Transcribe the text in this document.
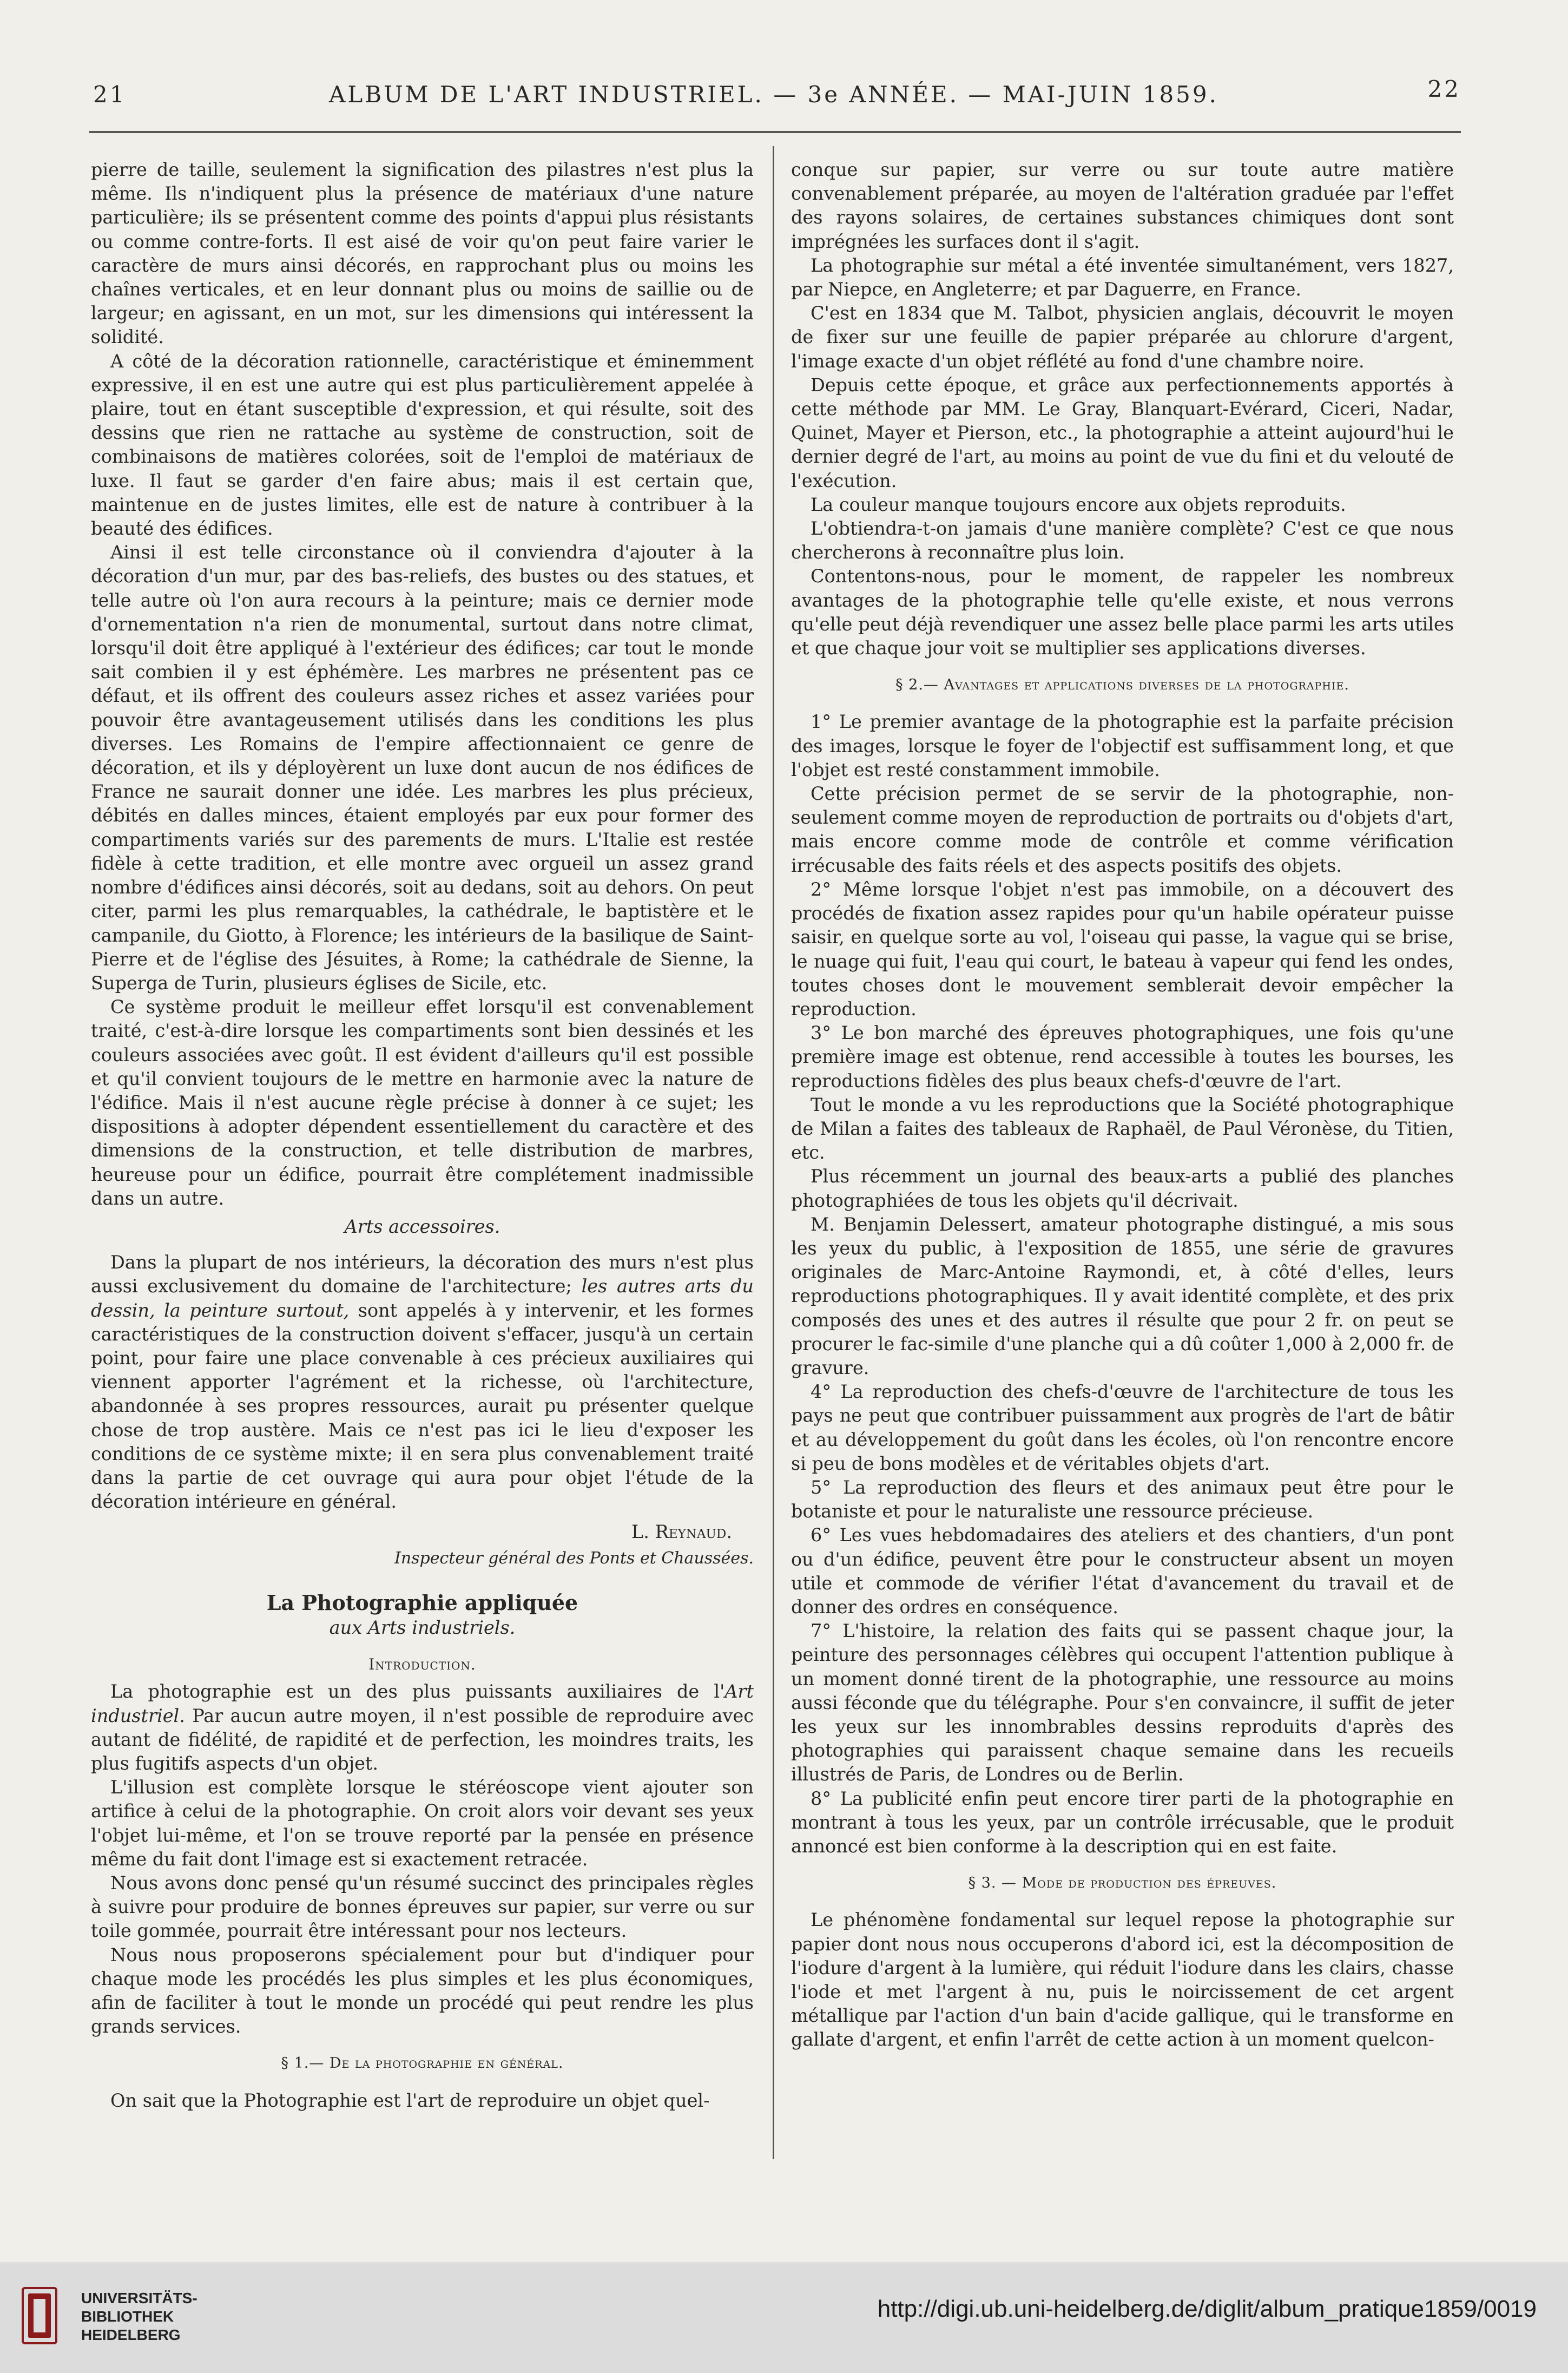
21	ALBUM DE L'ART INDUSTRIEL. — 3e ANNÉE. — MAI-JUIN 1859.	22

pierre de taille, seulement la signification des pilastres n'est plus la même. Ils n'indiquent plus la présence de matériaux d'une nature particulière; ils se présentent comme des points d'appui plus résistants ou comme contre-forts. Il est aisé de voir qu'on peut faire varier le caractère de murs ainsi décorés, en rapprochant plus ou moins les chaînes verticales, et en leur donnant plus ou moins de saillie ou de largeur; en agissant, en un mot, sur les dimensions qui intéressent la solidité.

A côté de la décoration rationnelle, caractéristique et éminemment expressive, il en est une autre qui est plus particulièrement appelée à plaire, tout en étant susceptible d'expression, et qui résulte, soit des dessins que rien ne rattache au système de construction, soit de combinaisons de matières colorées, soit de l'emploi de matériaux de luxe. Il faut se garder d'en faire abus; mais il est certain que, maintenue en de justes limites, elle est de nature à contribuer à la beauté des édifices.

Ainsi il est telle circonstance où il conviendra d'ajouter à la décoration d'un mur, par des bas-reliefs, des bustes ou des statues, et telle autre où l'on aura recours à la peinture; mais ce dernier mode d'ornementation n'a rien de monumental, surtout dans notre climat, lorsqu'il doit être appliqué à l'extérieur des édifices; car tout le monde sait combien il y est éphémère. Les marbres ne présentent pas ce défaut, et ils offrent des couleurs assez riches et assez variées pour pouvoir être avantageusement utilisés dans les conditions les plus diverses. Les Romains de l'empire affectionnaient ce genre de décoration, et ils y déployèrent un luxe dont aucun de nos édifices de France ne saurait donner une idée. Les marbres les plus précieux, débités en dalles minces, étaient employés par eux pour former des compartiments variés sur des parements de murs. L'Italie est restée fidèle à cette tradition, et elle montre avec orgueil un assez grand nombre d'édifices ainsi décorés, soit au dedans, soit au dehors. On peut citer, parmi les plus remarquables, la cathédrale, le baptistère et le campanile, du Giotto, à Florence; les intérieurs de la basilique de Saint-Pierre et de l'église des Jésuites, à Rome; la cathédrale de Sienne, la Superga de Turin, plusieurs églises de Sicile, etc.

Ce système produit le meilleur effet lorsqu'il est convenablement traité, c'est-à-dire lorsque les compartiments sont bien dessinés et les couleurs associées avec goût. Il est évident d'ailleurs qu'il est possible et qu'il convient toujours de le mettre en harmonie avec la nature de l'édifice. Mais il n'est aucune règle précise à donner à ce sujet; les dispositions à adopter dépendent essentiellement du caractère et des dimensions de la construction, et telle distribution de marbres, heureuse pour un édifice, pourrait être complétement inadmissible dans un autre.

Arts accessoires.

Dans la plupart de nos intérieurs, la décoration des murs n'est plus aussi exclusivement du domaine de l'architecture; les autres arts du dessin, la peinture surtout, sont appelés à y intervenir, et les formes caractéristiques de la construction doivent s'effacer, jusqu'à un certain point, pour faire une place convenable à ces précieux auxiliaires qui viennent apporter l'agrément et la richesse, où l'architecture, abandonnée à ses propres ressources, aurait pu présenter quelque chose de trop austère. Mais ce n'est pas ici le lieu d'exposer les conditions de ce système mixte; il en sera plus convenablement traité dans la partie de cet ouvrage qui aura pour objet l'étude de la décoration intérieure en général.

L. Reynaud.

Inspecteur général des Ponts et Chaussées.

La Photographie appliquée

aux Arts industriels.

Introduction.

La photographie est un des plus puissants auxiliaires de l'Art industriel. Par aucun autre moyen, il n'est possible de reproduire avec autant de fidélité, de rapidité et de perfection, les moindres traits, les plus fugitifs aspects d'un objet.

L'illusion est complète lorsque le stéréoscope vient ajouter son artifice à celui de la photographie. On croit alors voir devant ses yeux l'objet lui-même, et l'on se trouve reporté par la pensée en présence même du fait dont l'image est si exactement retracée.

Nous avons donc pensé qu'un résumé succinct des principales règles à suivre pour produire de bonnes épreuves sur papier, sur verre ou sur toile gommée, pourrait être intéressant pour nos lecteurs.

Nous nous proposerons spécialement pour but d'indiquer pour chaque mode les procédés les plus simples et les plus économiques, afin de faciliter à tout le monde un procédé qui peut rendre les plus grands services.

§ 1.— De la photographie en général.

On sait que la Photographie est l'art de reproduire un objet quel-

conque sur papier, sur verre ou sur toute autre matière convenablement préparée, au moyen de l'altération graduée par l'effet des rayons solaires, de certaines substances chimiques dont sont imprégnées les surfaces dont il s'agit.

La photographie sur métal a été inventée simultanément, vers 1827, par Niepce, en Angleterre; et par Daguerre, en France.

C'est en 1834 que M. Talbot, physicien anglais, découvrit le moyen de fixer sur une feuille de papier préparée au chlorure d'argent, l'image exacte d'un objet réflété au fond d'une chambre noire.

Depuis cette époque, et grâce aux perfectionnements apportés à cette méthode par MM. Le Gray, Blanquart-Evérard, Ciceri, Nadar, Quinet, Mayer et Pierson, etc., la photographie a atteint aujourd'hui le dernier degré de l'art, au moins au point de vue du fini et du velouté de l'exécution.

La couleur manque toujours encore aux objets reproduits.

L'obtiendra-t-on jamais d'une manière complète? C'est ce que nous chercherons à reconnaître plus loin.

Contentons-nous, pour le moment, de rappeler les nombreux avantages de la photographie telle qu'elle existe, et nous verrons qu'elle peut déjà revendiquer une assez belle place parmi les arts utiles et que chaque jour voit se multiplier ses applications diverses.

§ 2.— Avantages et applications diverses de la photographie.

1° Le premier avantage de la photographie est la parfaite précision des images, lorsque le foyer de l'objectif est suffisamment long, et que l'objet est resté constamment immobile.

Cette précision permet de se servir de la photographie, non-seulement comme moyen de reproduction de portraits ou d'objets d'art, mais encore comme mode de contrôle et comme vérification irrécusable des faits réels et des aspects positifs des objets.

2° Même lorsque l'objet n'est pas immobile, on a découvert des procédés de fixation assez rapides pour qu'un habile opérateur puisse saisir, en quelque sorte au vol, l'oiseau qui passe, la vague qui se brise, le nuage qui fuit, l'eau qui court, le bateau à vapeur qui fend les ondes, toutes choses dont le mouvement semblerait devoir empêcher la reproduction.

3° Le bon marché des épreuves photographiques, une fois qu'une première image est obtenue, rend accessible à toutes les bourses, les reproductions fidèles des plus beaux chefs-d'œuvre de l'art.

Tout le monde a vu les reproductions que la Société photographique de Milan a faites des tableaux de Raphaël, de Paul Véronèse, du Titien, etc.

Plus récemment un journal des beaux-arts a publié des planches photographiées de tous les objets qu'il décrivait.

M. Benjamin Delessert, amateur photographe distingué, a mis sous les yeux du public, à l'exposition de 1855, une série de gravures originales de Marc-Antoine Raymondi, et, à côté d'elles, leurs reproductions photographiques. Il y avait identité complète, et des prix composés des unes et des autres il résulte que pour 2 fr. on peut se procurer le fac-simile d'une planche qui a dû coûter 1,000 à 2,000 fr. de gravure.

4° La reproduction des chefs-d'œuvre de l'architecture de tous les pays ne peut que contribuer puissamment aux progrès de l'art de bâtir et au développement du goût dans les écoles, où l'on rencontre encore si peu de bons modèles et de véritables objets d'art.

5° La reproduction des fleurs et des animaux peut être pour le botaniste et pour le naturaliste une ressource précieuse.

6° Les vues hebdomadaires des ateliers et des chantiers, d'un pont ou d'un édifice, peuvent être pour le constructeur absent un moyen utile et commode de vérifier l'état d'avancement du travail et de donner des ordres en conséquence.

7° L'histoire, la relation des faits qui se passent chaque jour, la peinture des personnages célèbres qui occupent l'attention publique à un moment donné tirent de la photographie, une ressource au moins aussi féconde que du télégraphe. Pour s'en convaincre, il suffit de jeter les yeux sur les innombrables dessins reproduits d'après des photographies qui paraissent chaque semaine dans les recueils illustrés de Paris, de Londres ou de Berlin.

8° La publicité enfin peut encore tirer parti de la photographie en montrant à tous les yeux, par un contrôle irrécusable, que le produit annoncé est bien conforme à la description qui en est faite.

§ 3. — Mode de production des épreuves.

Le phénomène fondamental sur lequel repose la photographie sur papier dont nous nous occuperons d'abord ici, est la décomposition de l'iodure d'argent à la lumière, qui réduit l'iodure dans les clairs, chasse l'iode et met l'argent à nu, puis le noircissement de cet argent métallique par l'action d'un bain d'acide gallique, qui le transforme en gallate d'argent, et enfin l'arrêt de cette action à un moment quelcon-

UNIVERSITÄTS-
BIBLIOTHEK
HEIDELBERG
http://digi.ub.uni-heidelberg.de/diglit/album_pratique1859/0019
